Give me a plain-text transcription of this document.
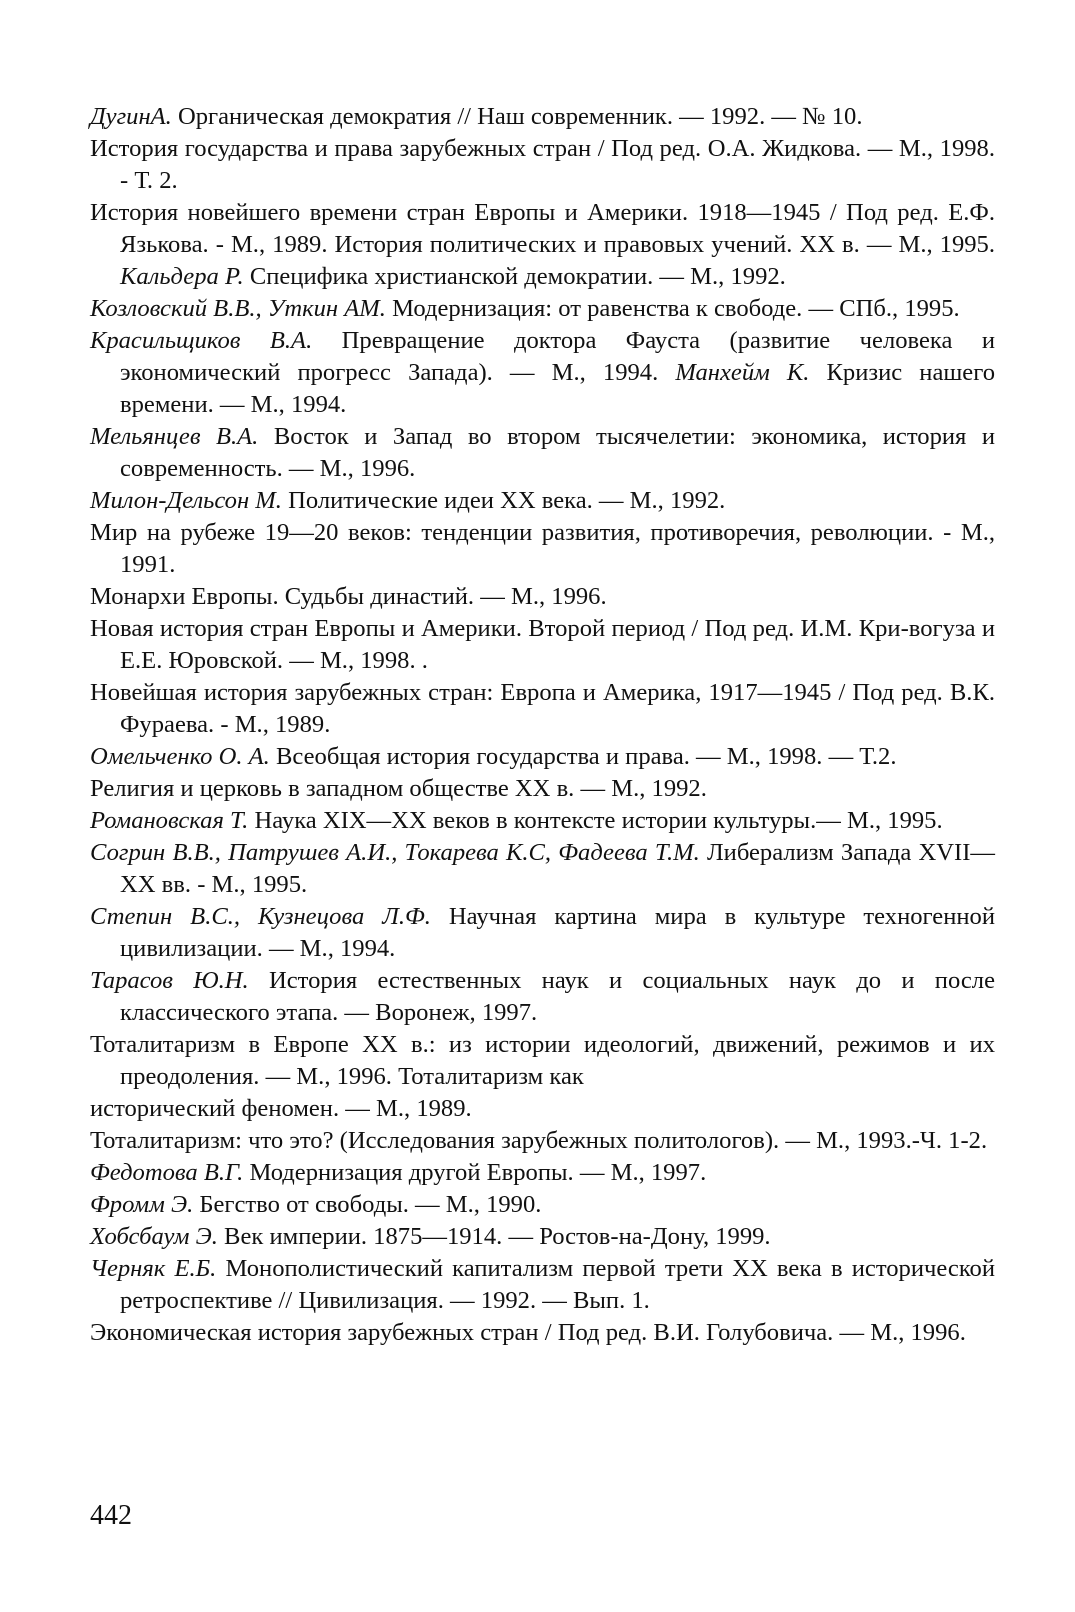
ДугинА. Органическая демократия // Наш современник. — 1992. — № 10.

История государства и права зарубежных стран / Под ред. О.А. Жидкова. — М., 1998. - Т. 2.

История новейшего времени стран Европы и Америки. 1918—1945 / Под ред. Е.Ф. Язькова. - М., 1989. История политических и правовых учений. XX в. — М., 1995. Кальдера Р. Специфика христианской демократии. — М., 1992.

Козловский В.В., Уткин АМ. Модернизация: от равенства к свободе. — СПб., 1995.

Красильщиков В.А. Превращение доктора Фауста (развитие человека и экономический прогресс Запада). — М., 1994. Манхейм К. Кризис нашего времени. — М., 1994.

Мельянцев В.А. Восток и Запад во втором тысячелетии: экономика, история и современность. — М., 1996.

Милон-Дельсон М. Политические идеи XX века. — М., 1992.

Мир на рубеже 19—20 веков: тенденции развития, противоречия, революции. - М., 1991.

Монархи Европы. Судьбы династий. — М., 1996.

Новая история стран Европы и Америки. Второй период / Под ред. И.М. Кри-вогуза и Е.Е. Юровской. — М., 1998. .

Новейшая история зарубежных стран: Европа и Америка, 1917—1945 / Под ред. В.К. Фураева. - М., 1989.

Омельченко О. А. Всеобщая история государства и права. — М., 1998. — Т.2.

Религия и церковь в западном обществе XX в. — М., 1992.

Романовская Т. Наука XIX—XX веков в контексте истории культуры.— М., 1995.

Согрин В.В., Патрушев А.И., Токарева К.С, Фадеева Т.М. Либерализм Запада XVII—XX вв. - М., 1995.

Степин В.С., Кузнецова Л.Ф. Научная картина мира в культуре техногенной цивилизации. — М., 1994.

Тарасов Ю.Н. История естественных наук и социальных наук до и после классического этапа. — Воронеж, 1997.

Тоталитаризм в Европе XX в.: из истории идеологий, движений, режимов и их преодоления. — М., 1996. Тоталитаризм как

исторический феномен. — М., 1989.

Тоталитаризм: что это? (Исследования зарубежных политологов). — М., 1993.-Ч. 1-2.

Федотова В.Г. Модернизация другой Европы. — М., 1997.

Фромм Э. Бегство от свободы. — М., 1990.

Хобсбаум Э. Век империи. 1875—1914. — Ростов-на-Дону, 1999.

Черняк Е.Б. Монополистический капитализм первой трети XX века в исторической ретроспективе // Цивилизация. — 1992. — Вып. 1.

Экономическая история зарубежных стран / Под ред. В.И. Голубовича. — М., 1996.

442
